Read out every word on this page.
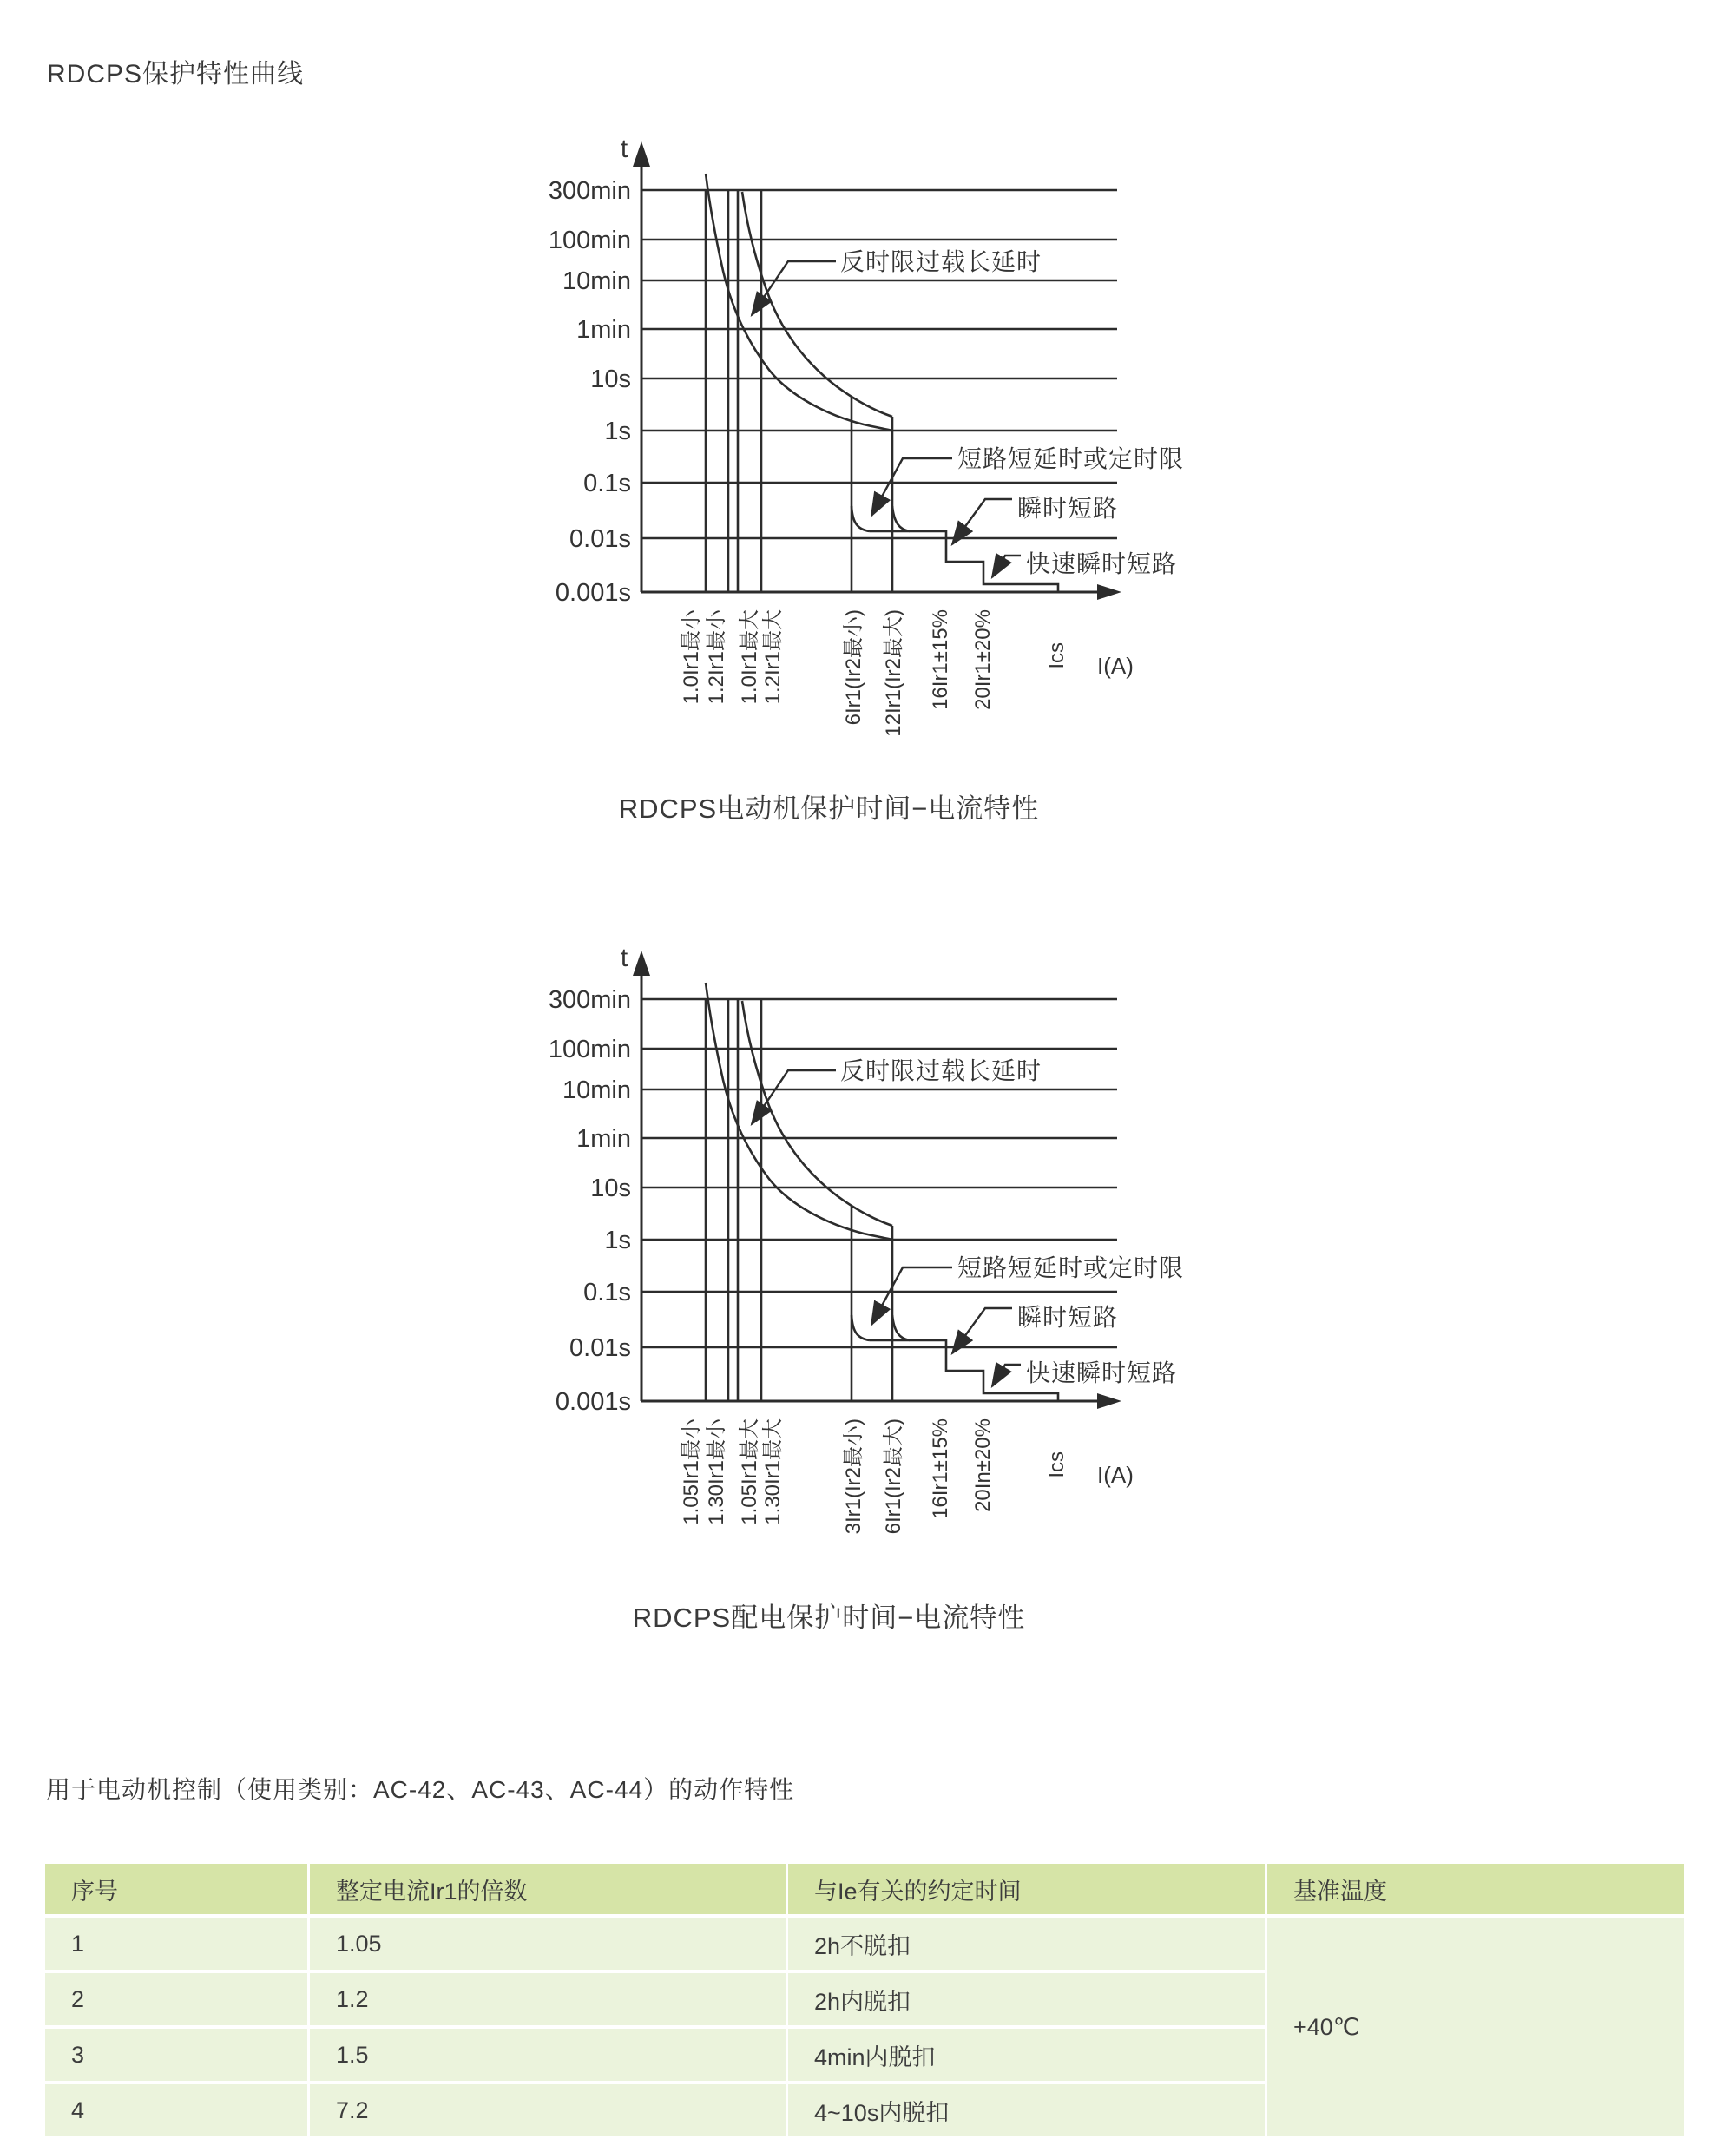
RDCPS保护特性曲线
300min
100min
10min
1min
10s
1s
0.1s
0.01s
0.001s
t
I(A)
反时限过载长延时
短路短延时或定时限
瞬时短路
快速瞬时短路
1.0Ir1最小 1.2Ir1最小 1.0Ir1最大 1.2Ir1最大	6Ir1(Ir2最小) 12Ir1(Ir2最大) 16Ir1±15% 20Ir1±20% Ics
RDCPS电动机保护时间−电流特性
300min
100min
10min
1min
10s
1s
0.1s
0.01s
0.001s
t
I(A)
反时限过载长延时
短路短延时或定时限
瞬时短路
快速瞬时短路
1.05Ir1最小 1.30Ir1最小 1.05Ir1最大 1.30Ir1最大	3Ir1(Ir2最小) 6Ir1(Ir2最大) 16Ir1±15% 20In±20% Ics
RDCPS配电保护时间−电流特性
用于电动机控制（使用类别：AC-42、AC-43、AC-44）的动作特性
序号	整定电流Ir1的倍数	与Ie有关的约定时间	基准温度
1	1.05	2h不脱扣
+40℃
2	1.2	2h内脱扣
3	1.5	4min内脱扣
4	7.2	4~10s内脱扣
